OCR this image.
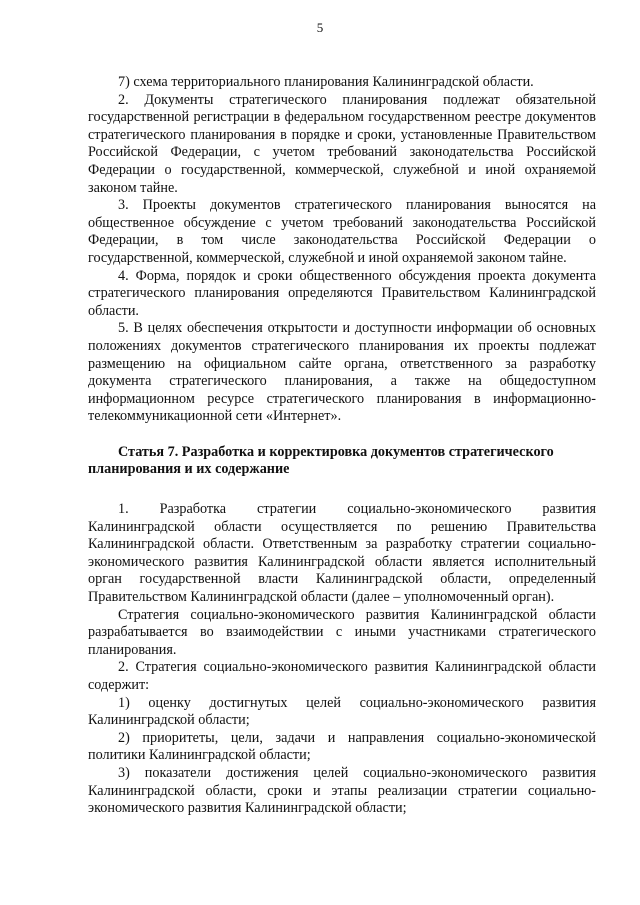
5

7) схема территориального планирования Калининградской области.

2. Документы стратегического планирования подлежат обязательной государственной регистрации в федеральном государственном реестре документов стратегического планирования в порядке и сроки, установленные Правительством Российской Федерации, с учетом требований законодательства Российской Федерации о государственной, коммерческой, служебной и иной охраняемой законом тайне.

3. Проекты документов стратегического планирования выносятся на общественное обсуждение с учетом требований законодательства Российской Федерации, в том числе законодательства Российской Федерации о государственной, коммерческой, служебной и иной охраняемой законом тайне.

4. Форма, порядок и сроки общественного обсуждения проекта документа стратегического планирования определяются Правительством Калининградской области.

5. В целях обеспечения открытости и доступности информации об основных положениях документов стратегического планирования их проекты подлежат размещению на официальном сайте органа, ответственного за разработку документа стратегического планирования, а также на общедоступном информационном ресурсе стратегического планирования в информационно-телекоммуникационной сети «Интернет».

Статья 7. Разработка и корректировка документов стратегического планирования и их содержание

1. Разработка стратегии социально-экономического развития Калининградской области осуществляется по решению Правительства Калининградской области. Ответственным за разработку стратегии социально-экономического развития Калининградской области является исполнительный орган государственной власти Калининградской области, определенный Правительством Калининградской области (далее – уполномоченный орган).

Стратегия социально-экономического развития Калининградской области разрабатывается во взаимодействии с иными участниками стратегического планирования.

2. Стратегия социально-экономического развития Калининградской области содержит:

1) оценку достигнутых целей социально-экономического развития Калининградской области;

2) приоритеты, цели, задачи и направления социально-экономической политики Калининградской области;

3) показатели достижения целей социально-экономического развития Калининградской области, сроки и этапы реализации стратегии социально-экономического развития Калининградской области;
